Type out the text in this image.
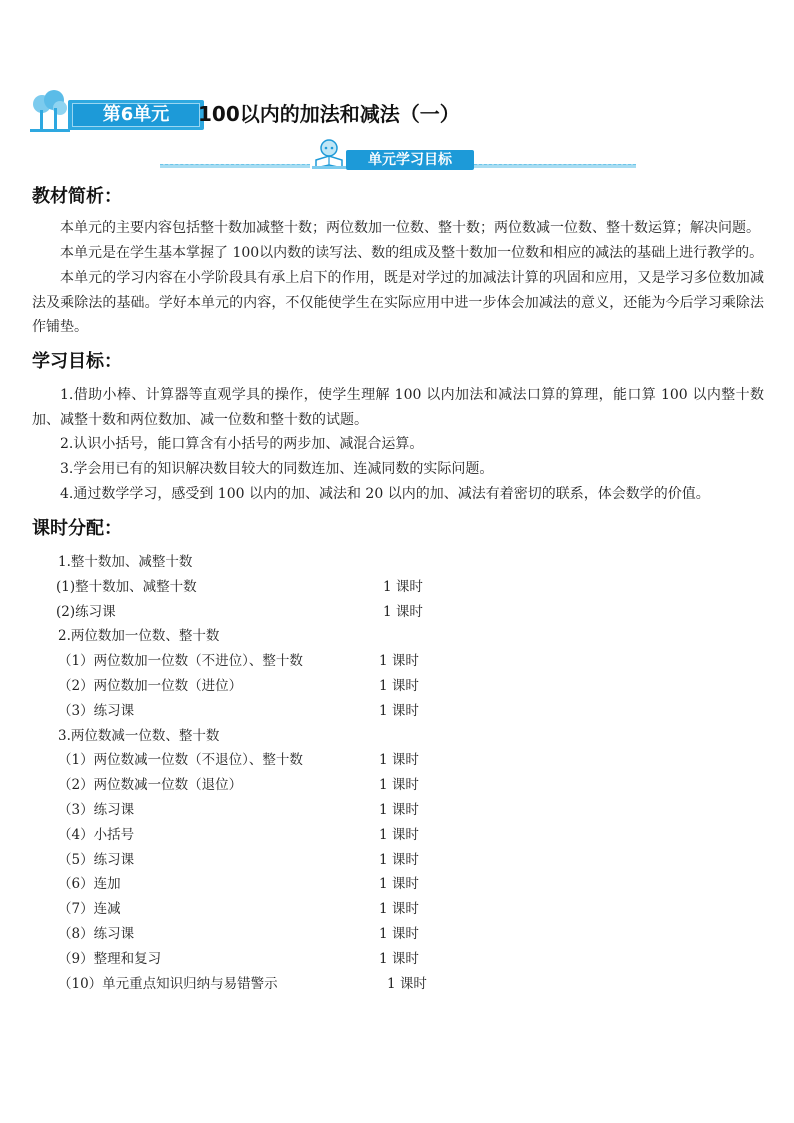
第6单元	100以内的加法和减法（一）
单元学习目标
教材简析：
本单元的主要内容包括整十数加减整十数；两位数加一位数、整十数；两位数减一位数、整十数运算；解决问题。
本单元是在学生基本掌握了 100以内数的读写法、数的组成及整十数加一位数和相应的减法的基础上进行教学的。
本单元的学习内容在小学阶段具有承上启下的作用，既是对学过的加减法计算的巩固和应用，又是学习多位数加减法及乘除法的基础。学好本单元的内容，不仅能使学生在实际应用中进一步体会加减法的意义，还能为今后学习乘除法作铺垫。
学习目标：
1.借助小棒、计算器等直观学具的操作，使学生理解 100 以内加法和减法口算的算理，能口算 100 以内整十数加、减整十数和两位数加、减一位数和整十数的试题。
2.认识小括号，能口算含有小括号的两步加、减混合运算。
3.学会用已有的知识解决数目较大的同数连加、连减同数的实际问题。
4.通过数学学习，感受到 100 以内的加、减法和 20 以内的加、减法有着密切的联系，体会数学的价值。
课时分配：
1.整十数加、减整十数
(1)整十数加、减整十数	1 课时
(2)练习课	1 课时
2.两位数加一位数、整十数
（1）两位数加一位数（不进位）、整十数	1 课时
（2）两位数加一位数（进位）	1 课时
（3）练习课	1 课时
3.两位数减一位数、整十数
（1）两位数减一位数（不退位）、整十数	1 课时
（2）两位数减一位数（退位）	1 课时
（3）练习课	1 课时
（4）小括号	1 课时
（5）练习课	1 课时
（6）连加	1 课时
（7）连减	1 课时
（8）练习课	1 课时
（9）整理和复习	1 课时
（10）单元重点知识归纳与易错警示	1 课时
